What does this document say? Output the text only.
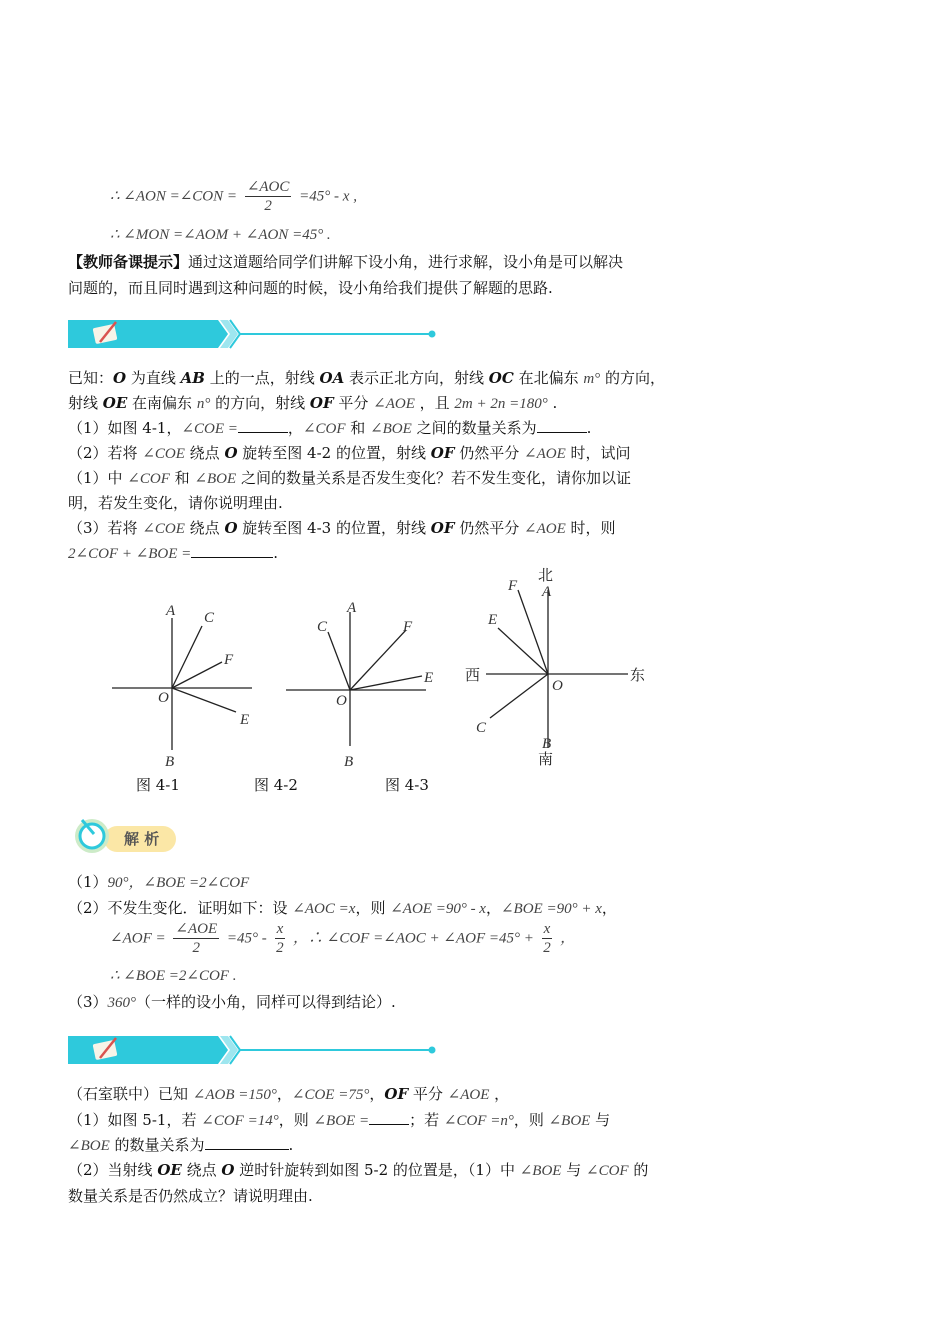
∴ ∠AON =∠CON = $\frac{\text{∠AOC}}{2} =45^\circ - x$ ,
∴ ∠MON =∠AOM + ∠AON =45° .
【教师备课提示】通过这道题给同学们讲解下设小角，进行求解，设小角是可以解决
问题的，而且同时遇到这种问题的时候，设小角给我们提供了解题的思路.
已知：O 为直线 AB 上的一点，射线 OA 表示正北方向，射线 OC 在北偏东 m° 的方向，
射线 OE 在南偏东 n° 的方向，射线 OF 平分 ∠AOE ，且 2m + 2n =180° .
（1）如图 4-1，∠COE =	，∠COF 和 ∠BOE 之间的数量关系为	.
（2）若将 ∠COE 绕点 O 旋转至图 4-2 的位置，射线 OF 仍然平分 ∠AOE 时，试问
（1）中 ∠COF 和 ∠BOE 之间的数量关系是否发生变化？若不发生变化，请你加以证
明，若发生变化，请你说明理由.
（3）若将 ∠COE 绕点 O 旋转至图 4-3 的位置，射线 OF 仍然平分 ∠AOE 时，则
2∠COF + ∠BOE =	.
A C
F
O
E
B
A
C	F
E
O
B
北
A
F
E
西
O
东
C
B
南
图 4-1	图 4-2	图 4-3
解 析
（1）90°，∠BOE =2∠COF
（2）不发生变化．证明如下：设 ∠AOC =x，则 ∠AOE =90° - x，∠BOE =90° + x，
∠AOF = $\frac{\text{∠AOE}}{2} =45^\circ - \frac{x}{2}$ ，∴ ∠COF =∠AOC + ∠AOF $=45^\circ + \frac{x}{2}$ ，
∴ ∠BOE =2∠COF .
（3）360°（一样的设小角，同样可以得到结论）.
（石室联中）已知 ∠AOB =150°，∠COE =75°，OF 平分 ∠AOE ，
（1）如图 5-1，若 ∠COF =14°，则 ∠BOE =	；若 ∠COF =n°，则 ∠BOE 与
∠BOE 的数量关系为	.
（2）当射线 OE 绕点 O 逆时针旋转到如图 5-2 的位置是，（1）中 ∠BOE 与 ∠COF 的
数量关系是否仍然成立？请说明理由.
